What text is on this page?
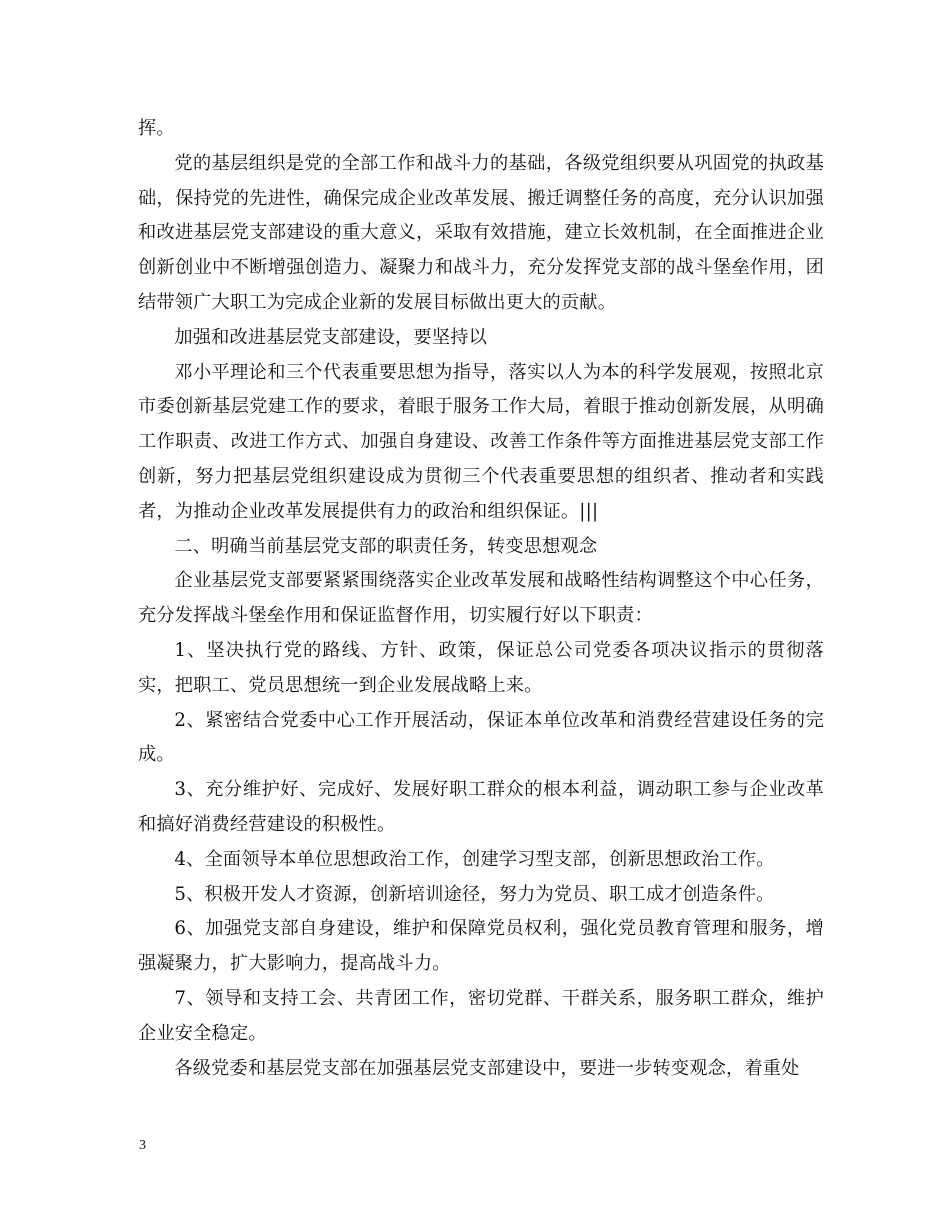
挥。

党的基层组织是党的全部工作和战斗力的基础，各级党组织要从巩固党的执政基础，保持党的先进性，确保完成企业改革发展、搬迁调整任务的高度，充分认识加强和改进基层党支部建设的重大意义，采取有效措施，建立长效机制，在全面推进企业创新创业中不断增强创造力、凝聚力和战斗力，充分发挥党支部的战斗堡垒作用，团结带领广大职工为完成企业新的发展目标做出更大的贡献。

加强和改进基层党支部建设，要坚持以

邓小平理论和三个代表重要思想为指导，落实以人为本的科学发展观，按照北京市委创新基层党建工作的要求，着眼于服务工作大局，着眼于推动创新发展，从明确工作职责、改进工作方式、加强自身建设、改善工作条件等方面推进基层党支部工作创新，努力把基层党组织建设成为贯彻三个代表重要思想的组织者、推动者和实践者，为推动企业改革发展提供有力的政治和组织保证。|||

二、明确当前基层党支部的职责任务，转变思想观念

企业基层党支部要紧紧围绕落实企业改革发展和战略性结构调整这个中心任务，充分发挥战斗堡垒作用和保证监督作用，切实履行好以下职责：

1、坚决执行党的路线、方针、政策，保证总公司党委各项决议指示的贯彻落实，把职工、党员思想统一到企业发展战略上来。

2、紧密结合党委中心工作开展活动，保证本单位改革和消费经营建设任务的完成。

3、充分维护好、完成好、发展好职工群众的根本利益，调动职工参与企业改革和搞好消费经营建设的积极性。

4、全面领导本单位思想政治工作，创建学习型支部，创新思想政治工作。

5、积极开发人才资源，创新培训途径，努力为党员、职工成才创造条件。

6、加强党支部自身建设，维护和保障党员权利，强化党员教育管理和服务，增强凝聚力，扩大影响力，提高战斗力。

7、领导和支持工会、共青团工作，密切党群、干群关系，服务职工群众，维护企业安全稳定。

各级党委和基层党支部在加强基层党支部建设中，要进一步转变观念，着重处

3
